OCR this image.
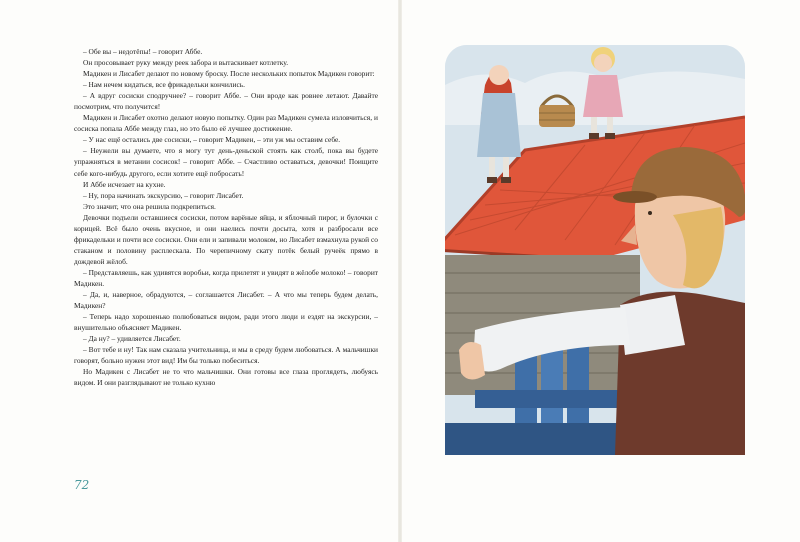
– Обе вы – недотёпы! – говорит Аббе.

Он просовывает руку между реек забора и вытаскивает котлетку.

Мадикен и Лисабет делают по новому броску. После нескольких попыток Мадикен говорит:

– Нам нечем кидаться, все фрикадельки кончились.

– А вдруг сосиски сподручнее? – говорит Аббе. – Они вроде как ровнее летают. Давайте посмотрим, что получится!

Мадикен и Лисабет охотно делают новую попытку. Один раз Мадикен сумела изловчиться, и сосиска попала Аббе между глаз, но это было её лучшее достижение.

– У нас ещё остались две сосиски, – говорит Мадикен, – эти уж мы оставим себе.

– Неужели вы думаете, что я могу тут день-деньской стоять как столб, пока вы будете упражняться в метании сосисок! – говорит Аббе. – Счастливо оставаться, девочки! Поищите себе кого-нибудь другого, если хотите ещё побросать!

И Аббе исчезает на кухне.

– Ну, пора начинать экскурсию, – говорит Лисабет.

Это значит, что она решила подкрепиться.

Девочки подъели оставшиеся сосиски, потом варёные яйца, и яблочный пирог, и булочки с корицей. Всё было очень вкусное, и они наелись почти досыта, хотя и разбросали все фрикадельки и почти все сосиски. Они ели и запивали молоком, но Лисабет взмахнула рукой со стаканом и половину расплескала. По черепичному скату потёк белый ручеёк прямо в дождевой жёлоб.

– Представляешь, как удивятся воробьи, когда прилетят и увидят в жёлобе молоко! – говорит Мадикен.

– Да, и, наверное, обрадуются, – соглашается Лисабет. – А что мы теперь будем делать, Мадикен?

– Теперь надо хорошенько полюбоваться видом, ради этого люди и ездят на экскурсии, – внушительно объясняет Мадикен.

– Да ну? – удивляется Лисабет.

– Вот тебе и ну! Так нам сказала учительница, и мы в среду будем любоваться. А мальчишки говорят, больно нужен этот вид! Им бы только побеситься.

Но Мадикен с Лисабет не то что мальчишки. Они готовы все глаза проглядеть, любуясь видом. И они разглядывают не только кухню

72
